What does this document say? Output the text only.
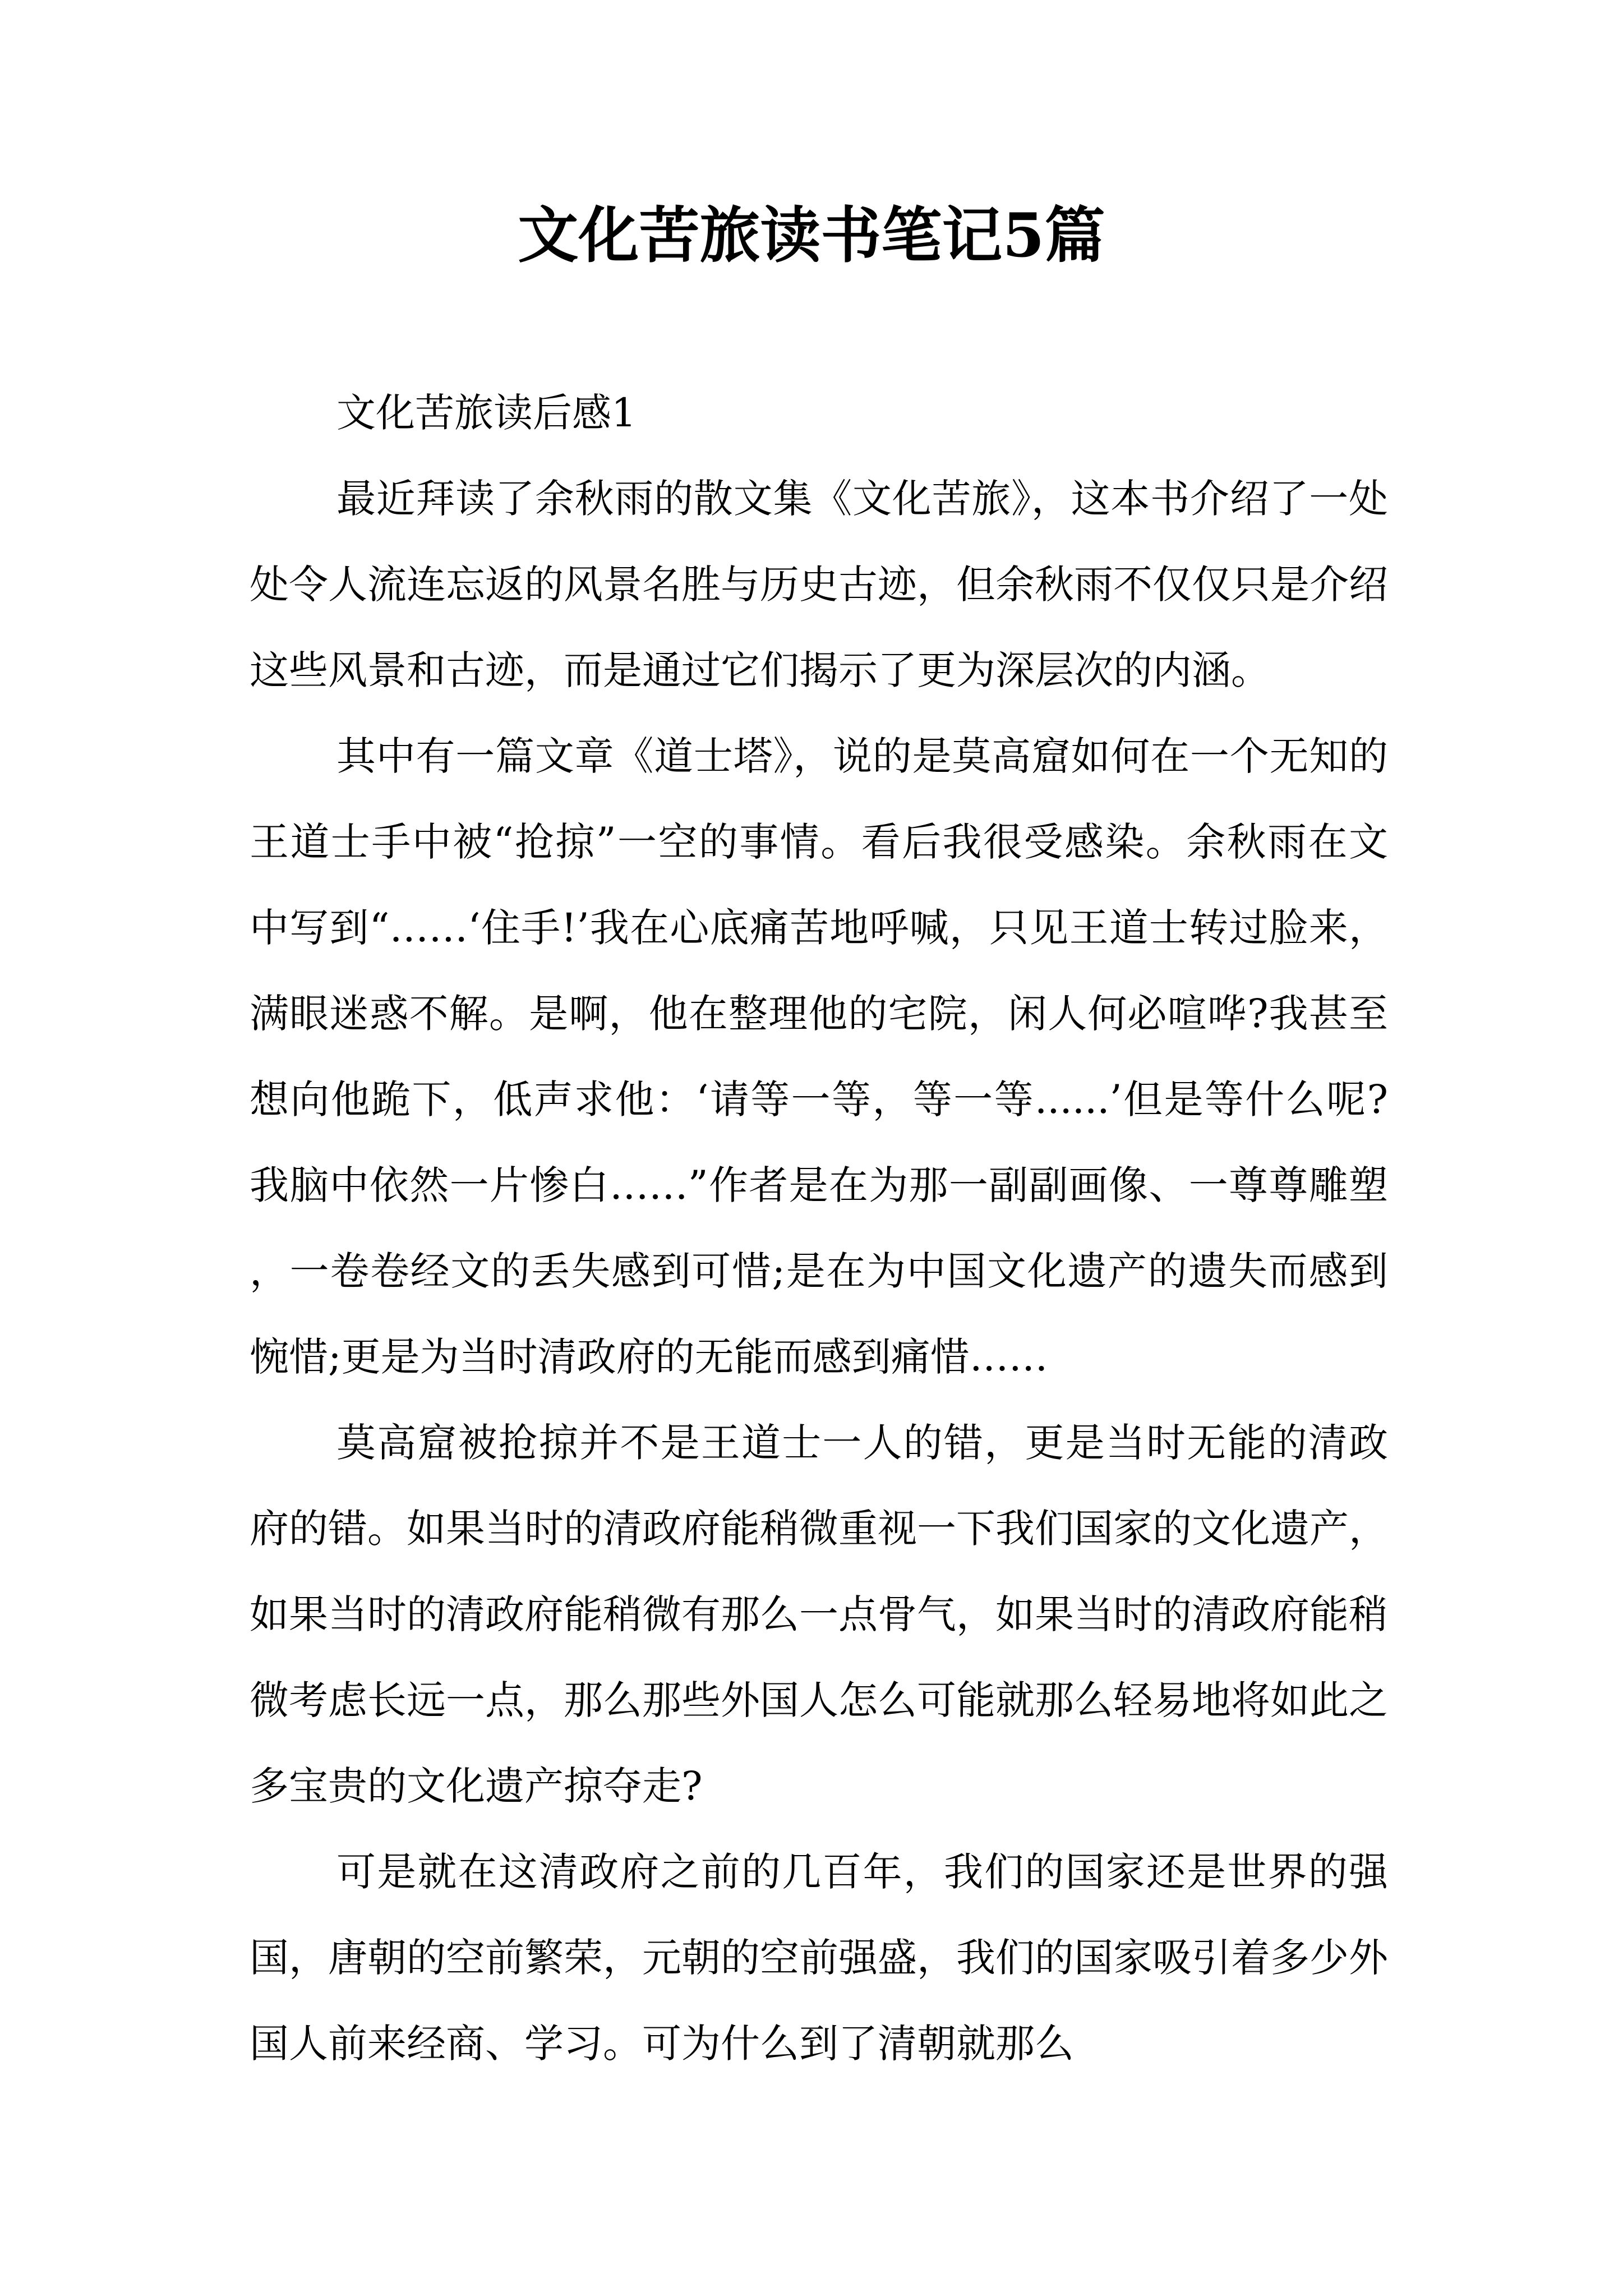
文化苦旅读书笔记5篇

文化苦旅读后感1

最近拜读了余秋雨的散文集《文化苦旅》，这本书介绍了一处处令人流连忘返的风景名胜与历史古迹，但余秋雨不仅仅只是介绍这些风景和古迹，而是通过它们揭示了更为深层次的内涵。

其中有一篇文章《道士塔》，说的是莫高窟如何在一个无知的王道士手中被“抢掠”一空的事情。看后我很受感染。余秋雨在文中写到“……‘住手!’我在心底痛苦地呼喊，只见王道士转过脸来，满眼迷惑不解。是啊，他在整理他的宅院，闲人何必喧哗?我甚至想向他跪下，低声求他：‘请等一等，等一等......’但是等什么呢?我脑中依然一片惨白……”作者是在为那一副副画像、一尊尊雕塑，一卷卷经文的丢失感到可惜;是在为中国文化遗产的遗失而感到惋惜;更是为当时清政府的无能而感到痛惜……

莫高窟被抢掠并不是王道士一人的错，更是当时无能的清政府的错。如果当时的清政府能稍微重视一下我们国家的文化遗产，如果当时的清政府能稍微有那么一点骨气，如果当时的清政府能稍微考虑长远一点，那么那些外国人怎么可能就那么轻易地将如此之多宝贵的文化遗产掠夺走?

可是就在这清政府之前的几百年，我们的国家还是世界的强国，唐朝的空前繁荣，元朝的空前强盛，我们的国家吸引着多少外国人前来经商、学习。可为什么到了清朝就那么
